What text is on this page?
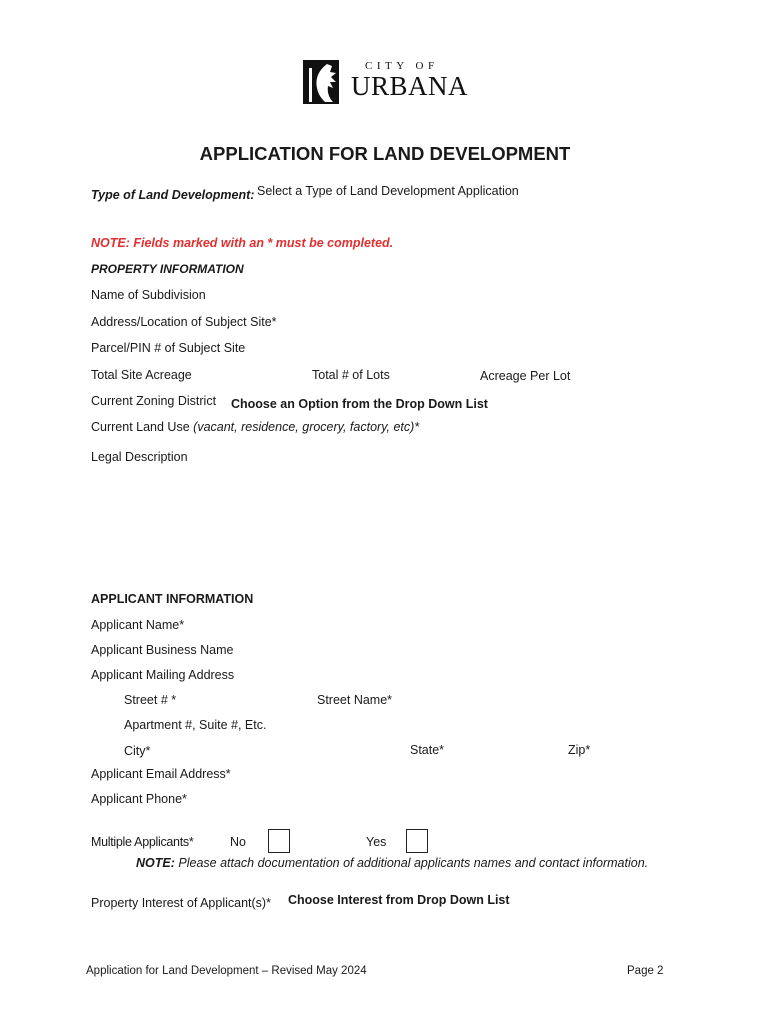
CITY OF
URBANA
APPLICATION FOR LAND DEVELOPMENT
Type of Land Development: Select a Type of Land Development Application
NOTE: Fields marked with an * must be completed.
PROPERTY INFORMATION
Name of Subdivision
Address/Location of Subject Site*
Parcel/PIN # of Subject Site
Total Site Acreage	Total # of Lots	Acreage Per Lot
Current Zoning District Choose an Option from the Drop Down List
Current Land Use (vacant, residence, grocery, factory, etc)*
Legal Description
APPLICANT INFORMATION
Applicant Name*
Applicant Business Name
Applicant Mailing Address
Street # *	Street Name*
Apartment #, Suite #, Etc.
City*	State*	Zip*
Applicant Email Address*
Applicant Phone*
Multiple Applicants*	No	Yes
NOTE: Please attach documentation of additional applicants names and contact information.
Property Interest of Applicant(s)* Choose Interest from Drop Down List
Application for Land Development – Revised May 2024	Page 2
